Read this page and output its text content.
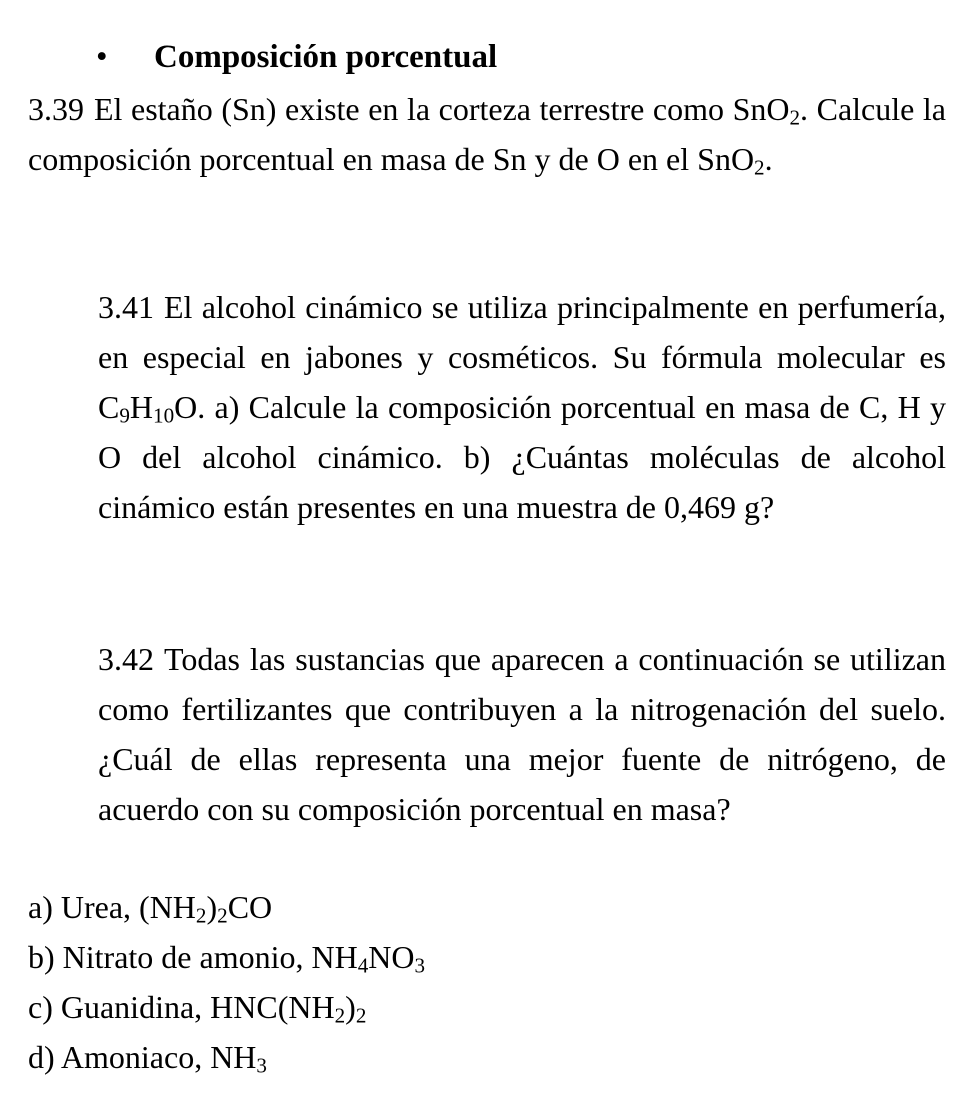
• Composición porcentual
3.39 El estaño (Sn) existe en la corteza terrestre como SnO$_2$. Calcule la composición porcentual en masa de Sn y de O en el SnO$_2$.
3.41 El alcohol cinámico se utiliza principalmente en perfumería, en especial en jabones y cosméticos. Su fórmula molecular es $C_9H_{10}O$. a) Calcule la composición porcentual en masa de C, H y O del alcohol cinámico. b) ¿Cuántas moléculas de alcohol cinámico están presentes en una muestra de 0,469 g?
3.42 Todas las sustancias que aparecen a continuación se utilizan como fertilizantes que contribuyen a la nitrogenación del suelo. ¿Cuál de ellas representa una mejor fuente de nitrógeno, de acuerdo con su composición porcentual en masa?
a) Urea, $(NH_2)_2CO$
b) Nitrato de amonio, $NH_4NO_3$
c) Guanidina, $HNC(NH_2)_2$
d) Amoniaco, $NH_3$
